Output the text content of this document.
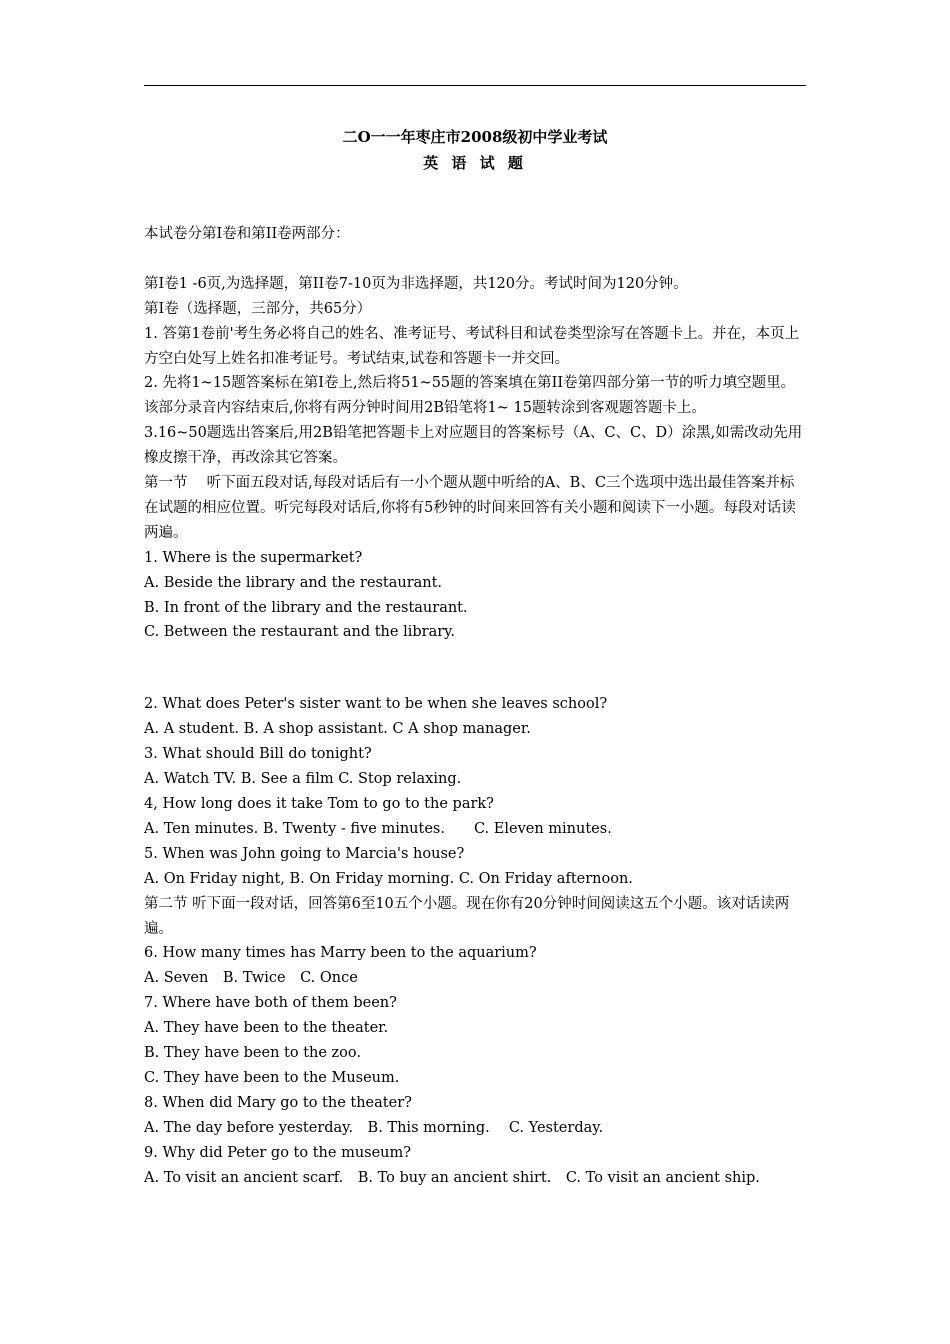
二O一一年枣庄市2008级初中学业考试
英 语 试 题
本试卷分第I卷和第II卷两部分：
第I卷1 -6页,为选择题，第II卷7-10页为非选择题，共120分。考试时间为120分钟。
第I卷（选择题，三部分，共65分）
1. 答第1卷前'考生务必将自己的姓名、准考证号、考试科目和试卷类型涂写在答题卡上。并在，本页上方空白处写上姓名扣准考证号。考试结束,试卷和答题卡一并交回。
2. 先将1~15题答案标在第I卷上,然后将51~55题的答案填在第II卷第四部分第一节的听力填空题里。该部分录音内容结束后,你将有两分钟时间用2B铅笔将1~ 15题转涂到客观题答题卡上。
3.16~50题选出答案后,用2B铅笔把答题卡上对应题目的答案标号（A、C、C、D）涂黑,如需改动先用橡皮擦干净，再改涂其它答案。
第一节　 听下面五段对话,每段对话后有一小个题从题中听给的A、B、C三个选项中选出最佳答案并标在试题的相应位置。听完每段对话后,你将有5秒钟的时间来回答有关小题和阅读下一小题。每段对话读两遍。
1. Where is the supermarket?
A. Beside the library and the restaurant.
B. In front of the library and the restaurant.
C. Between the restaurant and the library.
2. What does Peter's sister want to be when she leaves school?
A. A student. B. A shop assistant. C A shop manager.
3. What should Bill do tonight?
A. Watch TV. B. See a film C. Stop relaxing.
4, How long does it take Tom to go to the park?
A. Ten minutes. B. Twenty - five minutes.　　C. Eleven minutes.
5. When was John going to Marcia's house?
A. On Friday night, B. On Friday morning. C. On Friday afternoon.
第二节 听下面一段对话，回答第6至10五个小题。现在你有20分钟时间阅读这五个小题。该对话读两遍。
6. How many times has Marry been to the aquarium?
A. Seven　B. Twice　C. Once
7. Where have both of them been?
A. They have been to the theater.
B. They have been to the zoo.
C. They have been to the Museum.
8. When did Mary go to the theater?
A. The day before yesterday.　B. This morning.　 C. Yesterday.
9. Why did Peter go to the museum?
A. To visit an ancient scarf.　B. To buy an ancient shirt.　C. To visit an ancient ship.
